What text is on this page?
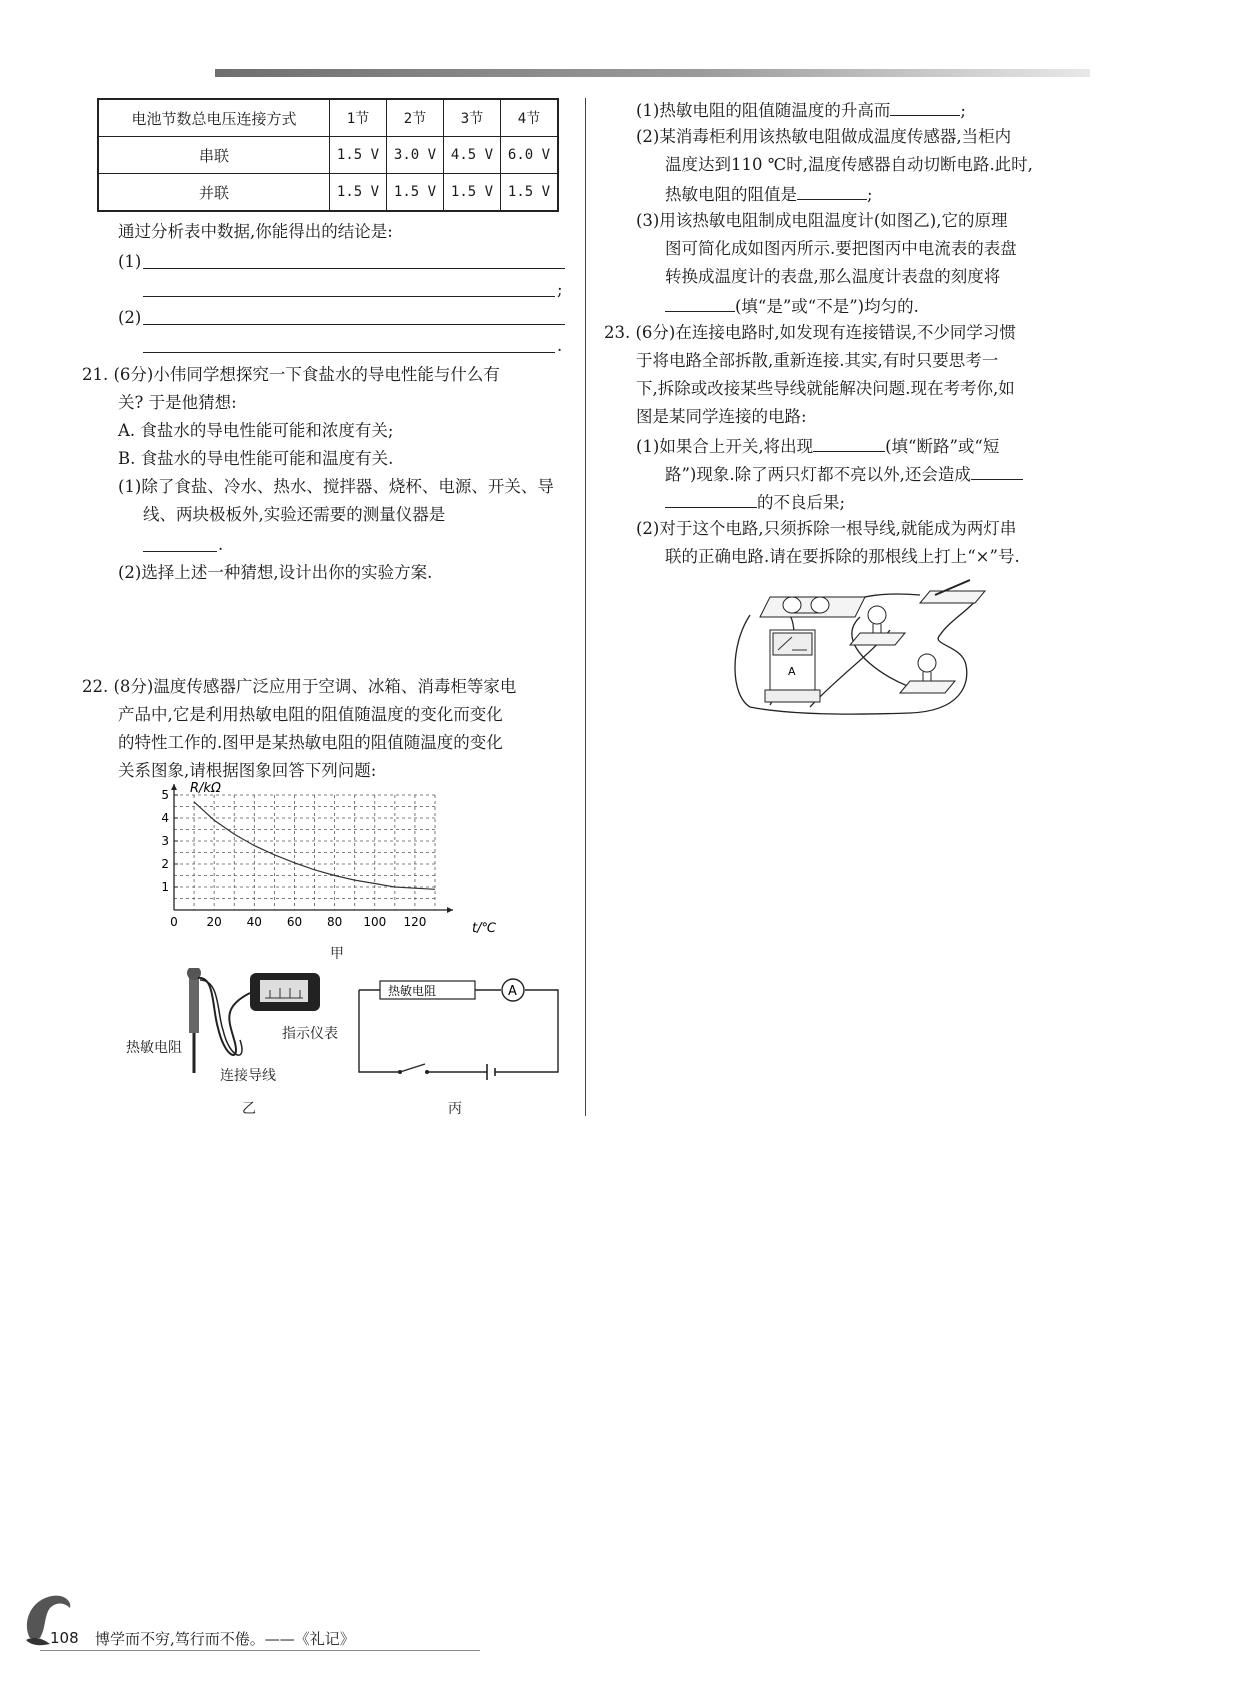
电池节数总电压连接方式	1节	2节	3节	4节
串联	1.5 V	3.0 V	4.5 V	6.0 V
并联	1.5 V	1.5 V	1.5 V	1.5 V
通过分析表中数据,你能得出的结论是:
(1)
;
(2)
.
21. (6分)小伟同学想探究一下食盐水的导电性能与什么有
关? 于是他猜想:
A. 食盐水的导电性能可能和浓度有关;
B. 食盐水的导电性能可能和温度有关.
(1)除了食盐、冷水、热水、搅拌器、烧杯、电源、开关、导
线、两块极板外,实验还需要的测量仪器是
.
(2)选择上述一种猜想,设计出你的实验方案.
22. (8分)温度传感器广泛应用于空调、冰箱、消毒柜等家电
产品中,它是利用热敏电阻的阻值随温度的变化而变化
的特性工作的.图甲是某热敏电阻的阻值随温度的变化
关系图象,请根据图象回答下列问题:
0 20 40 60 80 100 120
1
2
3
4
5 R/kΩ
t/℃
甲
热敏电阻
指示仪表
连接导线
乙
热敏电阻	A
丙
(1)热敏电阻的阻值随温度的升高而	;
(2)某消毒柜利用该热敏电阻做成温度传感器,当柜内
温度达到110 ℃时,温度传感器自动切断电路.此时,
热敏电阻的阻值是	;
(3)用该热敏电阻制成电阻温度计(如图乙),它的原理
图可简化成如图丙所示.要把图丙中电流表的表盘
转换成温度计的表盘,那么温度计表盘的刻度将
(填“是”或“不是”)均匀的.
23. (6分)在连接电路时,如发现有连接错误,不少同学习惯
于将电路全部拆散,重新连接.其实,有时只要思考一
下,拆除或改接某些导线就能解决问题.现在考考你,如
图是某同学连接的电路:
(1)如果合上开关,将出现	(填“断路”或“短
路”)现象.除了两只灯都不亮以外,还会造成
的不良后果;
(2)对于这个电路,只须拆除一根导线,就能成为两灯串
联的正确电路.请在要拆除的那根线上打上“×”号.
A
108 博学而不穷,笃行而不倦。——《礼记》
